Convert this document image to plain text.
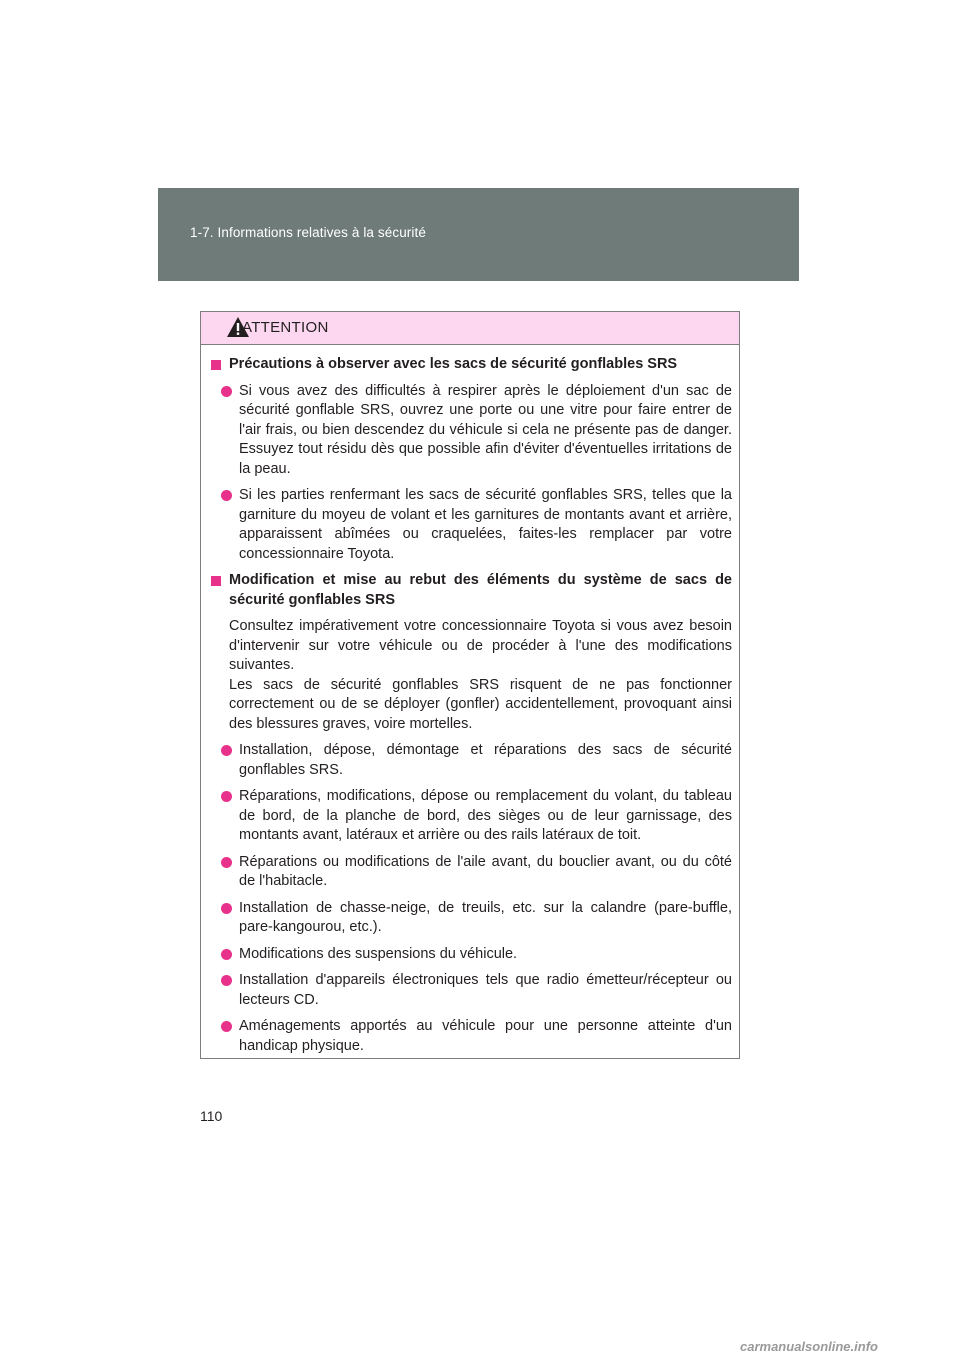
1-7. Informations relatives à la sécurité
ATTENTION
Précautions à observer avec les sacs de sécurité gonflables SRS
Si vous avez des difficultés à respirer après le déploiement d'un sac de sécurité gonflable SRS, ouvrez une porte ou une vitre pour faire entrer de l'air frais, ou bien descendez du véhicule si cela ne présente pas de danger. Essuyez tout résidu dès que possible afin d'éviter d'éventuelles irritations de la peau.
Si les parties renfermant les sacs de sécurité gonflables SRS, telles que la garniture du moyeu de volant et les garnitures de montants avant et arrière, apparaissent abîmées ou craquelées, faites-les remplacer par votre concessionnaire Toyota.
Modification et mise au rebut des éléments du système de sacs de sécurité gonflables SRS
Consultez impérativement votre concessionnaire Toyota si vous avez besoin d'intervenir sur votre véhicule ou de procéder à l'une des modifications suivantes.
Les sacs de sécurité gonflables SRS risquent de ne pas fonctionner correctement ou de se déployer (gonfler) accidentellement, provoquant ainsi des blessures graves, voire mortelles.
Installation, dépose, démontage et réparations des sacs de sécurité gonflables SRS.
Réparations, modifications, dépose ou remplacement du volant, du tableau de bord, de la planche de bord, des sièges ou de leur garnissage, des montants avant, latéraux et arrière ou des rails latéraux de toit.
Réparations ou modifications de l'aile avant, du bouclier avant, ou du côté de l'habitacle.
Installation de chasse-neige, de treuils, etc. sur la calandre (pare-buffle, pare-kangourou, etc.).
Modifications des suspensions du véhicule.
Installation d'appareils électroniques tels que radio émetteur/récepteur ou lecteurs CD.
Aménagements apportés au véhicule pour une personne atteinte d'un handicap physique.
110
carmanualsonline.info
